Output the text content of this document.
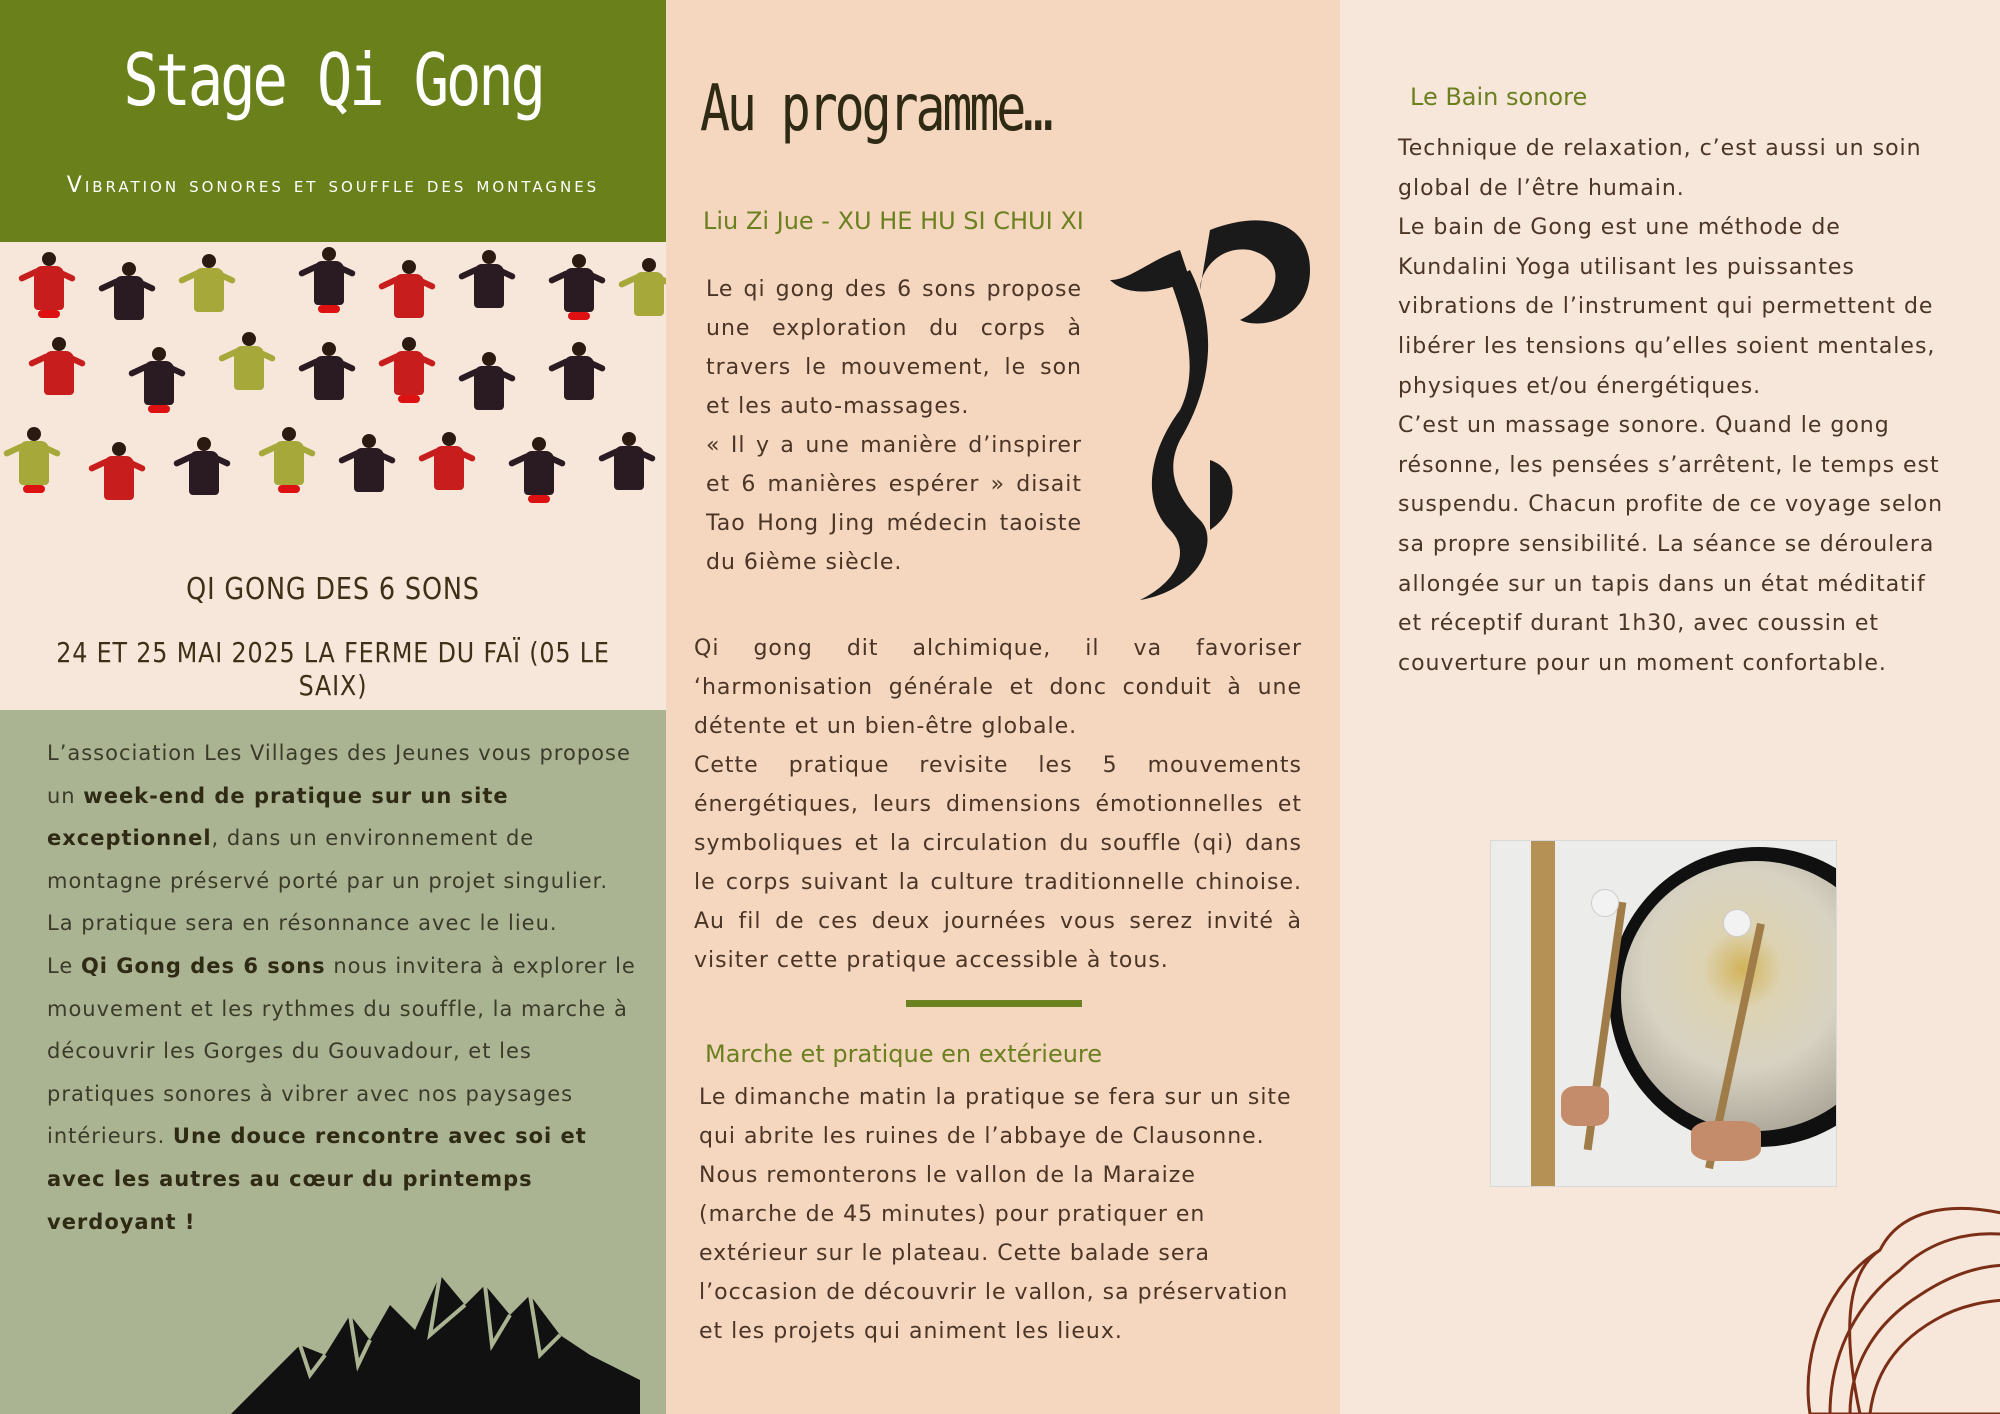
Stage Qi Gong
Vibration sonores et souffle des montagnes
QI GONG DES 6 SONS
24 ET 25 MAI 2025 LA FERME DU FAÏ (05 LE SAIX)

L’association Les Villages des Jeunes vous propose un week-end de pratique sur un site exceptionnel, dans un environnement de montagne préservé porté par un projet singulier. La pratique sera en résonnance avec le lieu.
Le Qi Gong des 6 sons nous invitera à explorer le mouvement et les rythmes du souffle, la marche à découvrir les Gorges du Gouvadour, et les pratiques sonores à vibrer avec nos paysages intérieurs. Une douce rencontre avec soi et avec les autres au cœur du printemps verdoyant !

Au programme…
Liu Zi Jue - XU HE HU SI CHUI XI
Le qi gong des 6 sons propose une exploration du corps à travers le mouvement, le son et les auto-massages.
« Il y a une manière d’inspirer et 6 manières espérer » disait Tao Hong Jing médecin taoiste du 6ième siècle.
Qi gong dit alchimique, il va favoriser ‘harmonisation générale et donc conduit à une détente et un bien-être globale.
Cette pratique revisite les 5 mouvements énergétiques, leurs dimensions émotionnelles et symboliques et la circulation du souffle (qi) dans le corps suivant la culture traditionnelle chinoise. Au fil de ces deux journées vous serez invité à visiter cette pratique accessible à tous.
Marche et pratique en extérieure
Le dimanche matin la pratique se fera sur un site qui abrite les ruines de l’abbaye de Clausonne. Nous remonterons le vallon de la Maraize (marche de 45 minutes) pour pratiquer en extérieur sur le plateau. Cette balade sera l’occasion de découvrir le vallon, sa préservation et les projets qui animent les lieux.
Le Bain sonore
Technique de relaxation, c’est aussi un soin global de l’être humain.
Le bain de Gong est une méthode de Kundalini Yoga utilisant les puissantes vibrations de l’instrument qui permettent de libérer les tensions qu’elles soient mentales, physiques et/ou énergétiques.
C’est un massage sonore. Quand le gong résonne, les pensées s’arrêtent, le temps est suspendu. Chacun profite de ce voyage selon sa propre sensibilité. La séance se déroulera allongée sur un tapis dans un état méditatif et réceptif durant 1h30, avec coussin et couverture pour un moment confortable.
